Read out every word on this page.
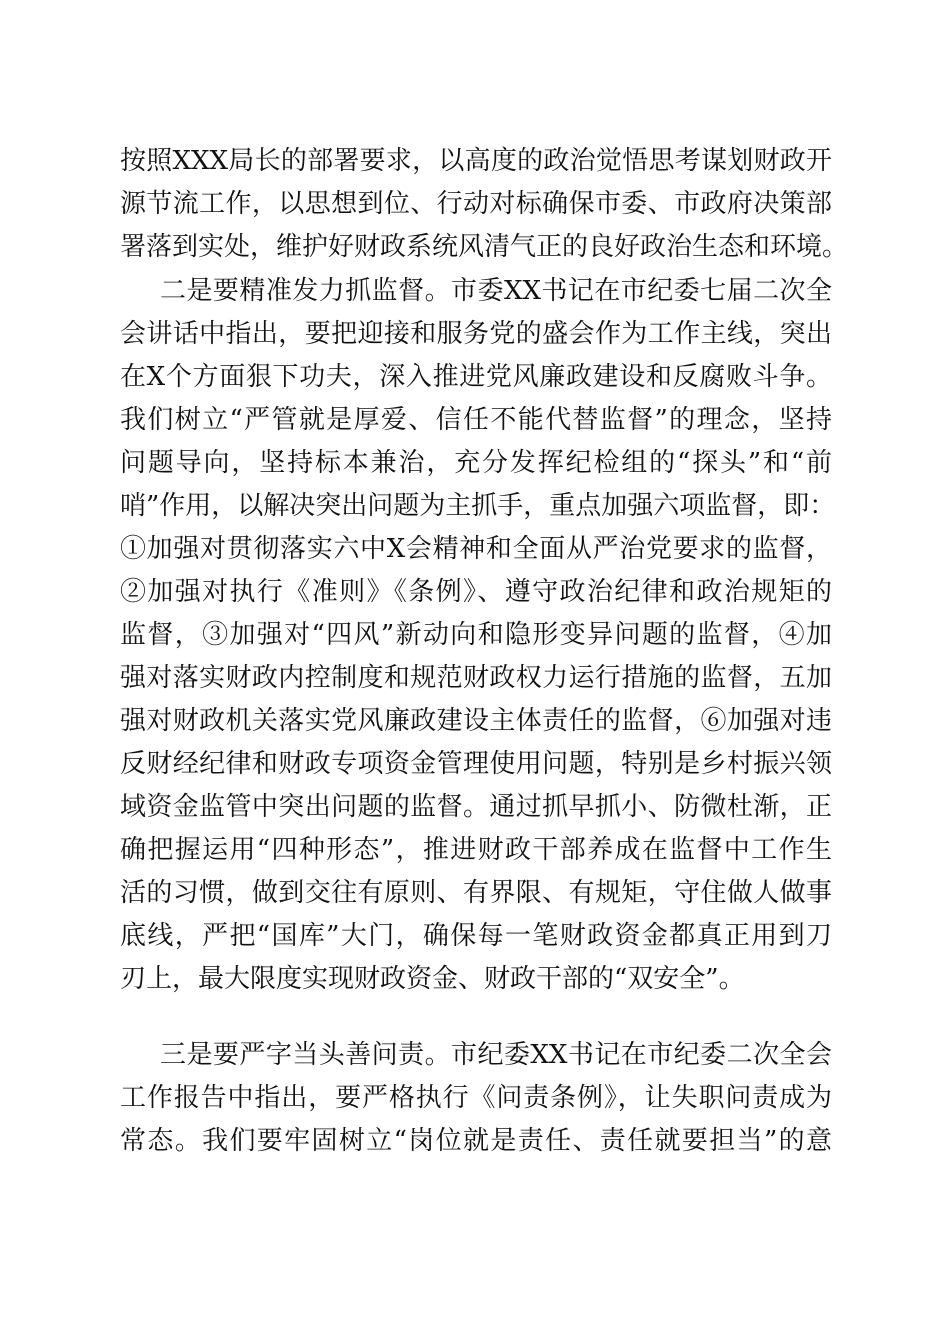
按照XXX局长的部署要求，以高度的政治觉悟思考谋划财政开
源节流工作，以思想到位、行动对标确保市委、市政府决策部
署落到实处，维护好财政系统风清气正的良好政治生态和环境。
二是要精准发力抓监督。市委XX书记在市纪委七届二次全
会讲话中指出，要把迎接和服务党的盛会作为工作主线，突出
在X个方面狠下功夫，深入推进党风廉政建设和反腐败斗争。
我们树立“严管就是厚爱、信任不能代替监督”的理念，坚持
问题导向，坚持标本兼治，充分发挥纪检组的“探头”和“前
哨”作用，以解决突出问题为主抓手，重点加强六项监督，即：
①加强对贯彻落实六中X会精神和全面从严治党要求的监督，
②加强对执行《准则》《条例》、遵守政治纪律和政治规矩的
监督，③加强对“四风”新动向和隐形变异问题的监督，④加
强对落实财政内控制度和规范财政权力运行措施的监督，五加
强对财政机关落实党风廉政建设主体责任的监督，⑥加强对违
反财经纪律和财政专项资金管理使用问题，特别是乡村振兴领
域资金监管中突出问题的监督。通过抓早抓小、防微杜渐，正
确把握运用“四种形态”，推进财政干部养成在监督中工作生
活的习惯，做到交往有原则、有界限、有规矩，守住做人做事
底线，严把“国库”大门，确保每一笔财政资金都真正用到刀
刃上，最大限度实现财政资金、财政干部的“双安全”。
三是要严字当头善问责。市纪委XX书记在市纪委二次全会
工作报告中指出，要严格执行《问责条例》，让失职问责成为
常态。我们要牢固树立“岗位就是责任、责任就要担当”的意
